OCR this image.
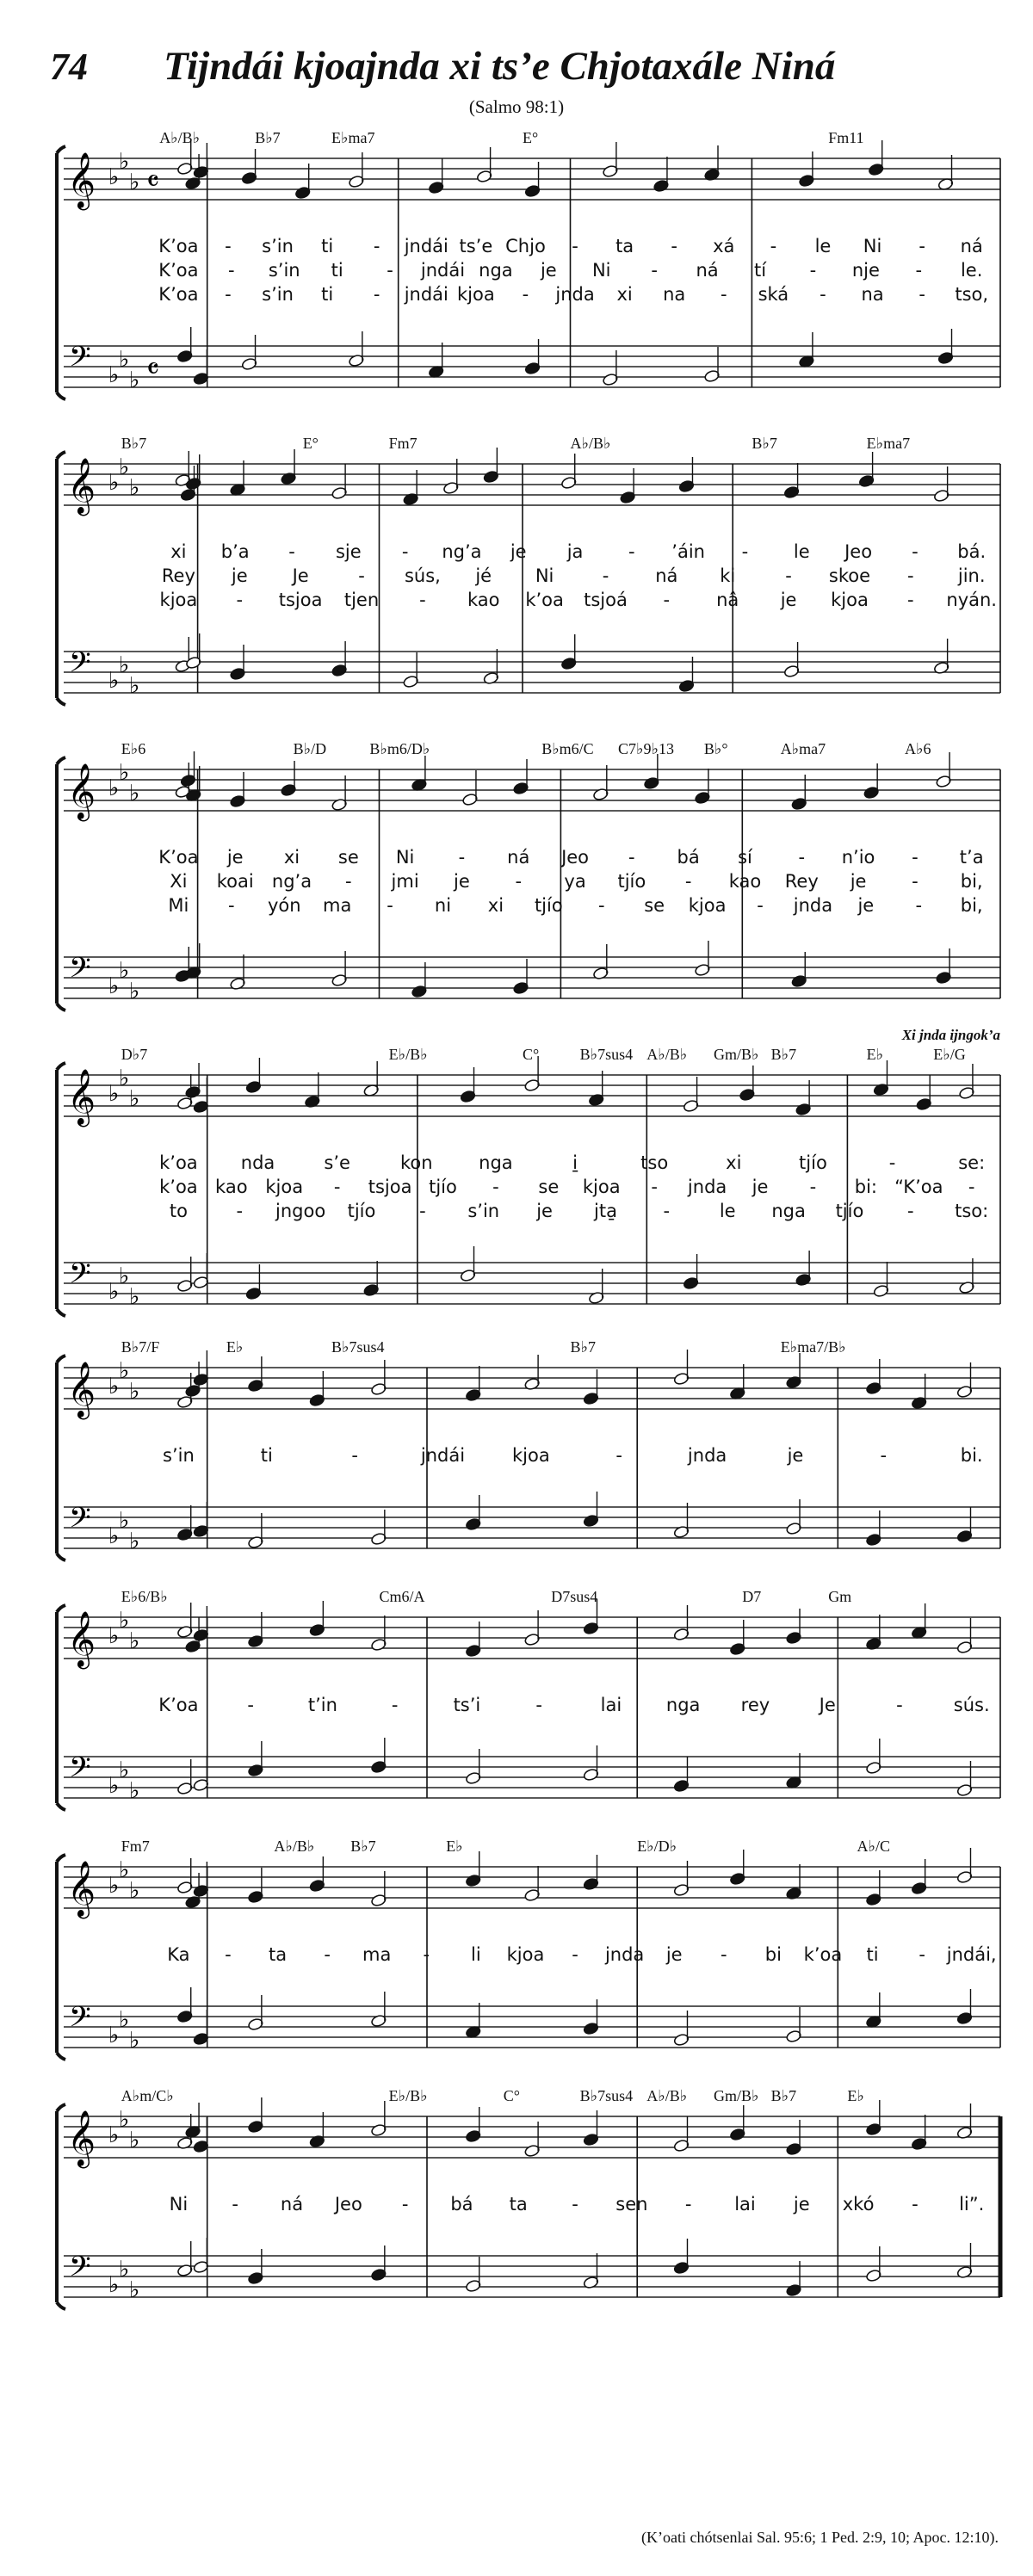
74 Tijndái kjoajnda xi ts’e Chjotaxále Niná
(Salmo 98:1)
A♭/B♭	B♭7	E♭ma7	E°	Fm11
𝄞
𝄢
♭
♭
♭
♭
♭
♭
𝄴
𝄴
K’oa - s’in ti - jndái ts’e Chjo - ta - xá - le Ni - ná
K’oa - s’in ti - jndái nga je Ni - ná tí - nje - le.
K’oa - s’in ti - jndái kjoa - jnda xi na - ská - na - tso,
B♭7	E°	Fm7	A♭/B♭	B♭7	E♭ma7
𝄞
𝄢
♭
♭
♭
♭
♭
♭
xi b’a - sje - ng’a je ja	- ’áin -	le Jeo - bá.
Rey je Je	- sús, jé Ni	-	ná ki	- skoe - jin.
kjoa - tsjoa tjen - kao k’oa tsjoá -	nâ je kjoa - nyán.
E♭6	B♭/D	B♭m6/D♭	B♭m6/C C7♭9♭13 B♭°	A♭ma7	A♭6
𝄞
𝄢
♭
♭
♭
♭
♭
♭
K’oa je xi se Ni - ná Jeo - bá sí	- n’io - t’a
Xi koai ng’a - jmi je	- ya tjío - kao Rey je	- bi,
Mi - yón ma - ni xi tjío - se kjoa - jnda je - bi,
D♭7	E♭/B♭	C°	B♭7sus4 A♭/B♭ Gm/B♭ B♭7	E♭	E♭/G
Xi jnda ijngok’a
𝄞
𝄢
♭
♭
♭
♭
♭
♭
k’oa nda	s’e	kon	nga	i̱	tso	xi	tjío	-	se:
k’oa kao kjoa - tsjoa tjío - se kjoa - jnda je - bi: “K’oa -
to	- jngoo tjío - s’in je jta̱	-	le nga tjío - tso:
B♭7/F	E♭	B♭7sus4	B♭7	E♭ma7/B♭
𝄞
𝄢
♭
♭
♭
♭
♭
♭
s’in	ti	-	jndái	kjoa	-	jnda	je	-	bi.
E♭6/B♭	Cm6/A	D7sus4	D7	Gm
𝄞
𝄢
♭
♭
♭
♭
♭
♭
K’oa	-	t’in	-	ts’i	-	lai nga rey	Je	-	sús.
Fm7	A♭/B♭ B♭7	E♭	E♭/D♭	A♭/C
𝄞
𝄢
♭
♭
♭
♭
♭
♭
Ka - ta - ma - li kjoa - jnda je - bi k’oa ti - jndái,
A♭m/C♭	E♭/B♭	C°	B♭7sus4 A♭/B♭ Gm/B♭ B♭7	E♭
𝄞
𝄢
♭
♭
♭
♭
♭
♭
Ni - ná Jeo - bá ta - sen - lai je xkó - li”.
(K’oati chótsenlai Sal. 95:6; 1 Ped. 2:9, 10; Apoc. 12:10).
